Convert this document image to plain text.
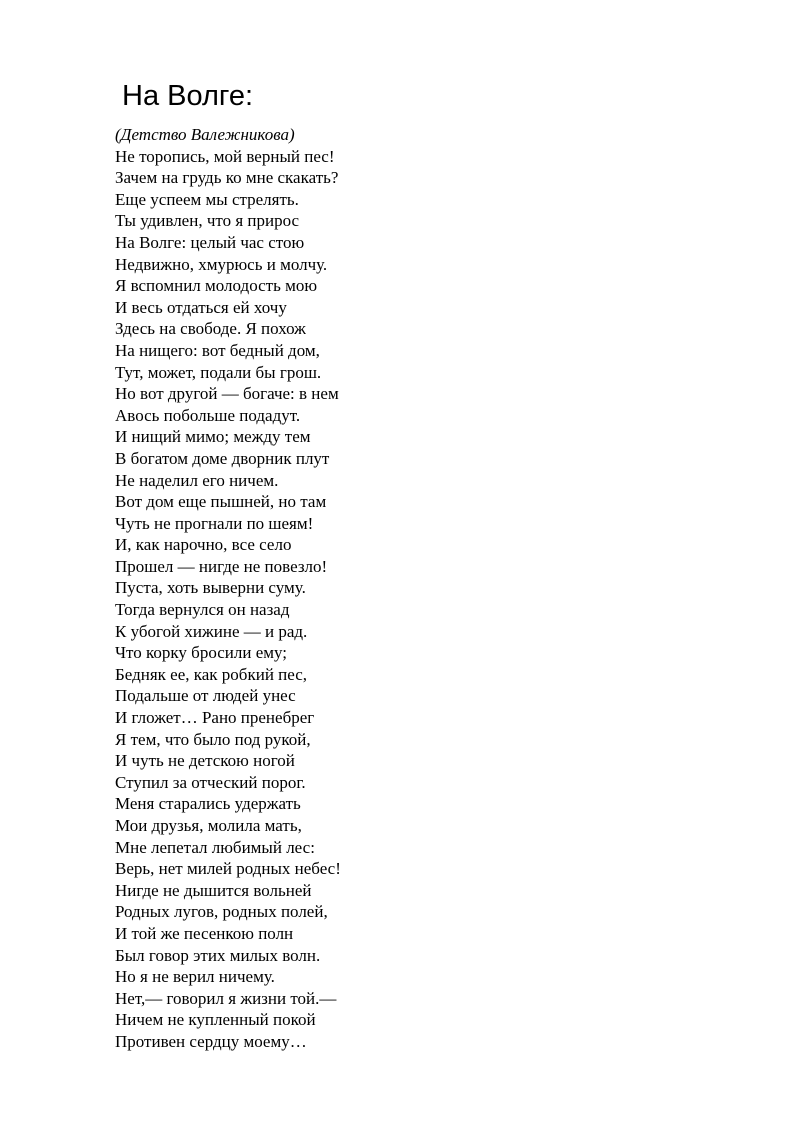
На Волге:

(Детство Валежникова)

Не торопись, мой верный пес!
Зачем на грудь ко мне скакать?
Еще успеем мы стрелять.
Ты удивлен, что я прирос
На Волге: целый час стою
Недвижно, хмурюсь и молчу.
Я вспомнил молодость мою
И весь отдаться ей хочу
Здесь на свободе. Я похож
На нищего: вот бедный дом,
Тут, может, подали бы грош.
Но вот другой — богаче: в нем
Авось побольше подадут.
И нищий мимо; между тем
В богатом доме дворник плут
Не наделил его ничем.
Вот дом еще пышней, но там
Чуть не прогнали по шеям!
И, как нарочно, все село
Прошел — нигде не повезло!
Пуста, хоть выверни суму.
Тогда вернулся он назад
К убогой хижине — и рад.
Что корку бросили ему;
Бедняк ее, как робкий пес,
Подальше от людей унес
И гложет… Рано пренебрег
Я тем, что было под рукой,
И чуть не детскою ногой
Ступил за отческий порог.
Меня старались удержать
Мои друзья, молила мать,
Мне лепетал любимый лес:
Верь, нет милей родных небес!
Нигде не дышится вольней
Родных лугов, родных полей,
И той же песенкою полн
Был говор этих милых волн.
Но я не верил ничему.
Нет,— говорил я жизни той.—
Ничем не купленный покой
Противен сердцу моему…
